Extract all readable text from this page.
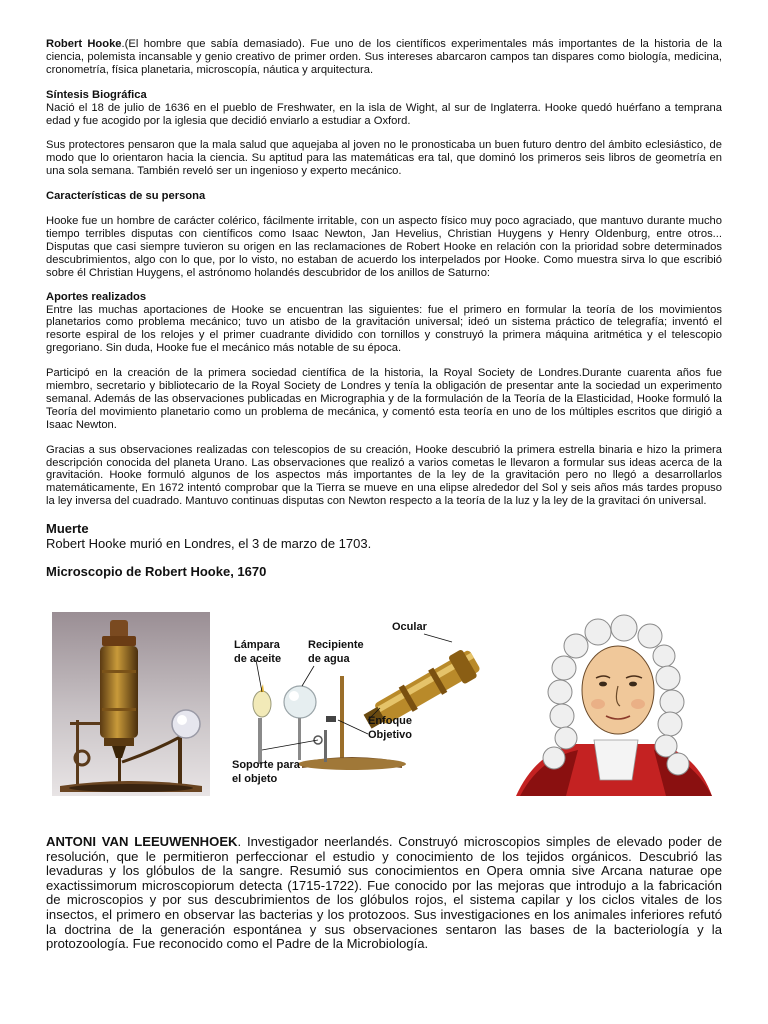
Robert Hooke.(El hombre que sabía demasiado). Fue uno de los científicos experimentales más importantes de la historia de la ciencia, polemista incansable y genio creativo de primer orden. Sus intereses abarcaron campos tan dispares como biología, medicina, cronometría, física planetaria, microscopía, náutica y arquitectura.

Síntesis Biográfica

Nació el 18 de julio de 1636 en el pueblo de Freshwater, en la isla de Wight, al sur de Inglaterra. Hooke quedó huérfano a temprana edad y fue acogido por la iglesia que decidió enviarlo a estudiar a Oxford.

Sus protectores pensaron que la mala salud que aquejaba al joven no le pronosticaba un buen futuro dentro del ámbito eclesiástico, de modo que lo orientaron hacia la ciencia. Su aptitud para las matemáticas era tal, que dominó los primeros seis libros de geometría en una sola semana. También reveló ser un ingenioso y experto mecánico.

Características de su persona

Hooke fue un hombre de carácter colérico, fácilmente irritable, con un aspecto físico muy poco agraciado, que mantuvo durante mucho tiempo terribles disputas con científicos como Isaac Newton, Jan Hevelius, Christian Huygens y Henry Oldenburg, entre otros... Disputas que casi siempre tuvieron su origen en las reclamaciones de Robert Hooke en relación con la prioridad sobre determinados descubrimientos, algo con lo que, por lo visto, no estaban de acuerdo los interpelados por Hooke. Como muestra sirva lo que escribió sobre él Christian Huygens, el astrónomo holandés descubridor de los anillos de Saturno:

Aportes realizados

Entre las muchas aportaciones de Hooke se encuentran las siguientes: fue el primero en formular la teoría de los movimientos planetarios como problema mecánico; tuvo un atisbo de la gravitación universal; ideó un sistema práctico de telegrafía; inventó el resorte espiral de los relojes y el primer cuadrante dividido con tornillos y construyó la primera máquina aritmética y el telescopio gregoriano. Sin duda, Hooke fue el mecánico más notable de su época.

Participó en la creación de la primera sociedad científica de la historia, la Royal Society de Londres.Durante cuarenta años fue miembro, secretario y bibliotecario de la Royal Society de Londres y tenía la obligación de presentar ante la sociedad un experimento semanal. Además de las observaciones publicadas en Micrographia y de la formulación de la Teoría de la Elasticidad, Hooke formuló la Teoría del movimiento planetario como un problema de mecánica, y comentó esta teoría en uno de los múltiples escritos que dirigió a Isaac Newton.

Gracias a sus observaciones realizadas con telescopios de su creación, Hooke descubrió la primera estrella binaria e hizo la primera descripción conocida del planeta Urano. Las observaciones que realizó a varios cometas le llevaron a formular sus ideas acerca de la gravitación. Hooke formuló algunos de los aspectos más importantes de la ley de la gravitación pero no llegó a desarrollarlos matemáticamente, En 1672 intentó comprobar que la Tierra se mueve en una elipse alrededor del Sol y seis años más tardes propuso la ley inversa del cuadrado. Mantuvo continuas disputas con Newton respecto a la teoría de la luz y la ley de la gravitaci ón universal.

Muerte

Robert Hooke murió en Londres, el 3 de marzo de 1703.

Microscopio de Robert Hooke, 1670

Ocular
Lámpara
de aceite
Recipiente
de agua
Enfoque
Objetivo
Soporte para
el objeto

ANTONI VAN LEEUWENHOEK. Investigador neerlandés. Construyó microscopios simples de elevado poder de resolución, que le permitieron perfeccionar el estudio y conocimiento de los tejidos orgánicos. Descubrió las levaduras y los glóbulos de la sangre. Resumió sus conocimientos en Opera omnia sive Arcana naturae ope exactissimorum microscopiorum detecta (1715-1722). Fue conocido por las mejoras que introdujo a la fabricación de microscopios y por sus descubrimientos de los glóbulos rojos, el sistema capilar y los ciclos vitales de los insectos, el primero en observar las bacterias y los protozoos. Sus investigaciones en los animales inferiores refutó la doctrina de la generación espontánea y sus observaciones sentaron las bases de la bacteriología y la protozoología. Fue reconocido como el Padre de la Microbiología.
